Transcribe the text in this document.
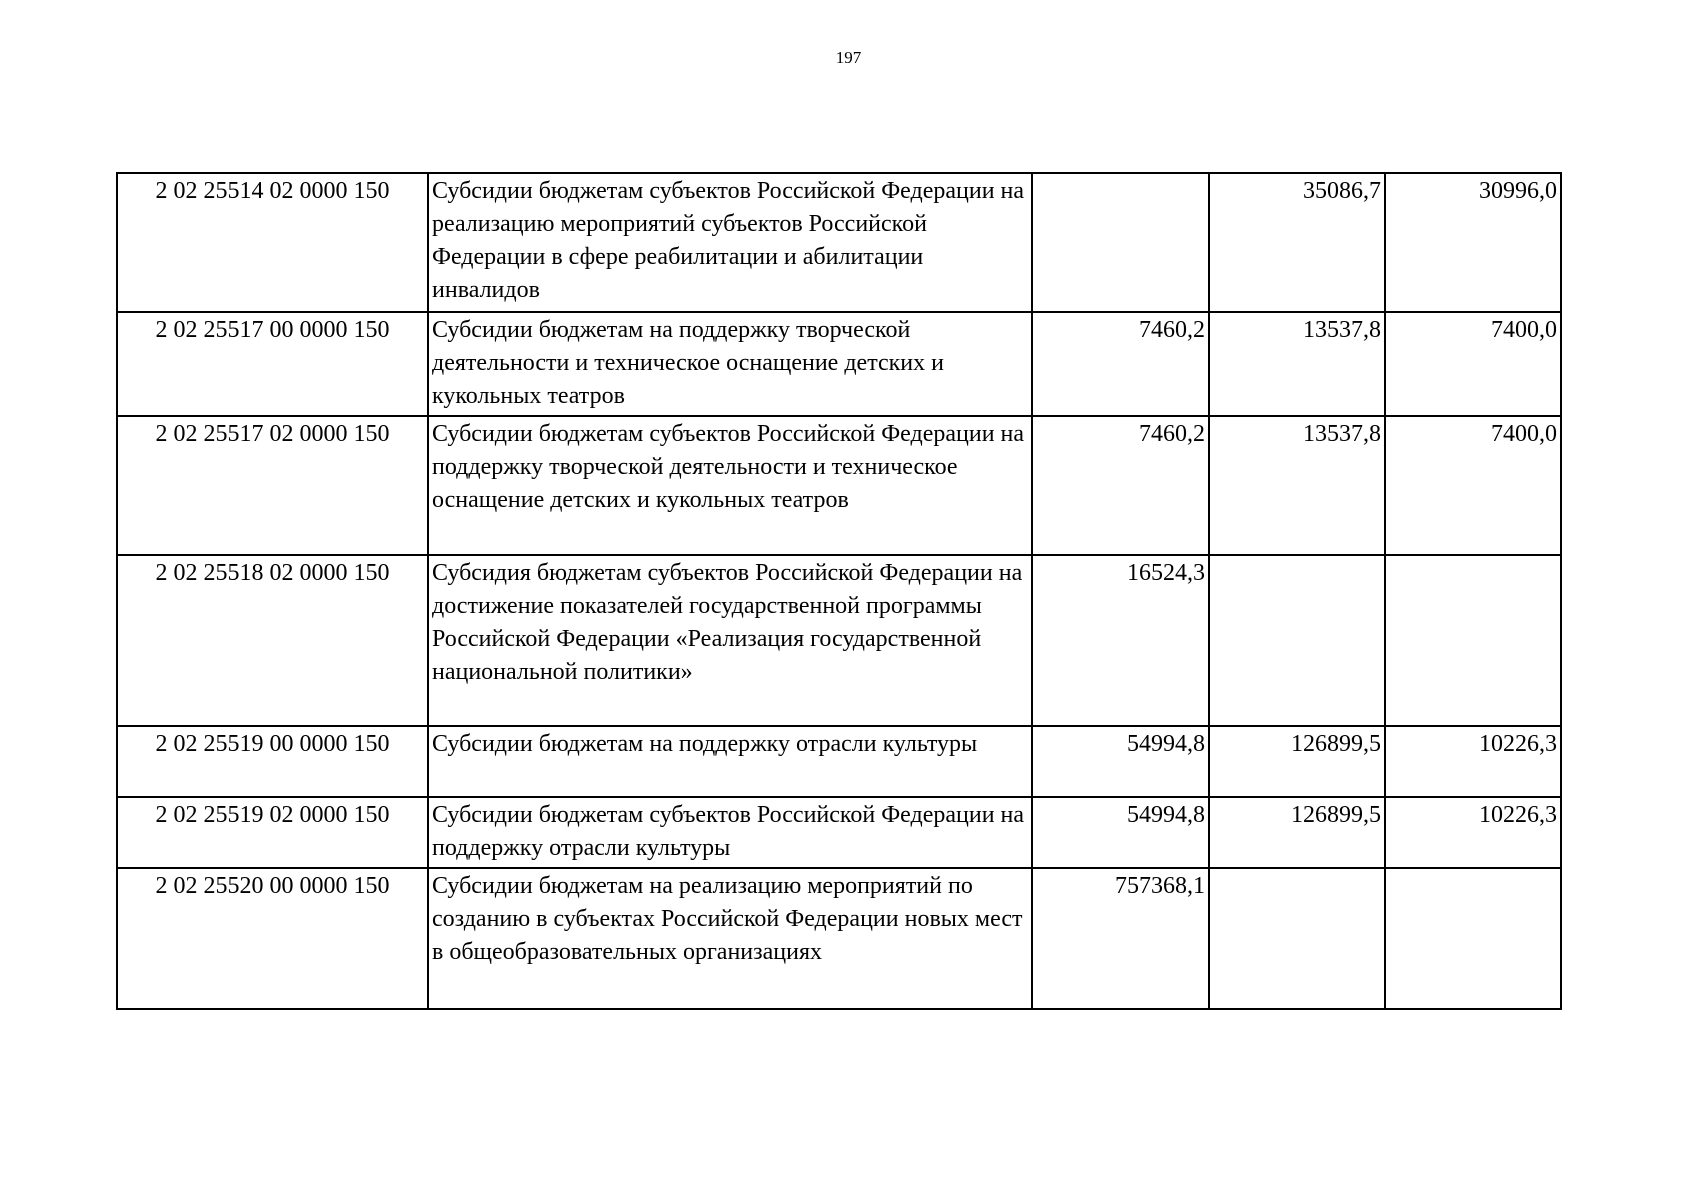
197
2 02 25514 02 0000 150	Субсидии бюджетам субъектов Российской Федерации на реализацию мероприятий субъектов Российской Федерации в сфере реабилитации и абилитации инвалидов		35086,7	30996,0
2 02 25517 00 0000 150	Субсидии бюджетам на поддержку творческой деятельности и техническое оснащение детских и кукольных театров	7460,2	13537,8	7400,0
2 02 25517 02 0000 150	Субсидии бюджетам субъектов Российской Федерации на поддержку творческой деятельности и техническое оснащение детских и кукольных театров	7460,2	13537,8	7400,0
2 02 25518 02 0000 150	Субсидия бюджетам субъектов Российской Федерации на достижение показателей государственной программы Российской Федерации «Реализация государственной национальной политики»	16524,3		
2 02 25519 00 0000 150	Субсидии бюджетам на поддержку отрасли культуры	54994,8	126899,5	10226,3
2 02 25519 02 0000 150	Субсидии бюджетам субъектов Российской Федерации на поддержку отрасли культуры	54994,8	126899,5	10226,3
2 02 25520 00 0000 150	Субсидии бюджетам на реализацию мероприятий по созданию в субъектах Российской Федерации новых мест в общеобразовательных организациях	757368,1		
